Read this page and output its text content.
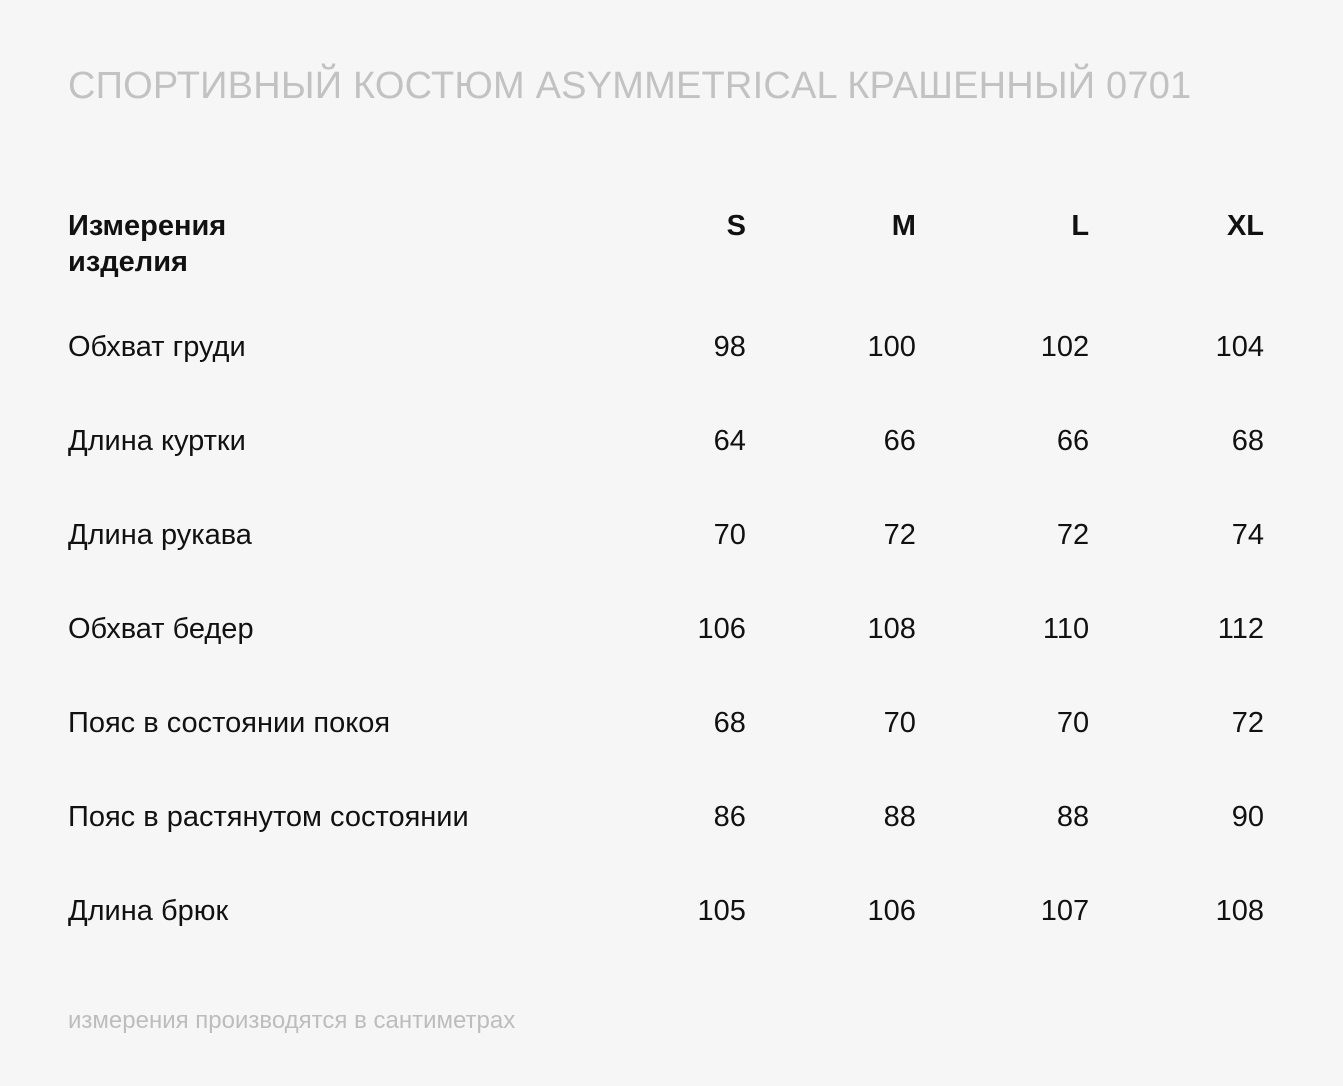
СПОРТИВНЫЙ КОСТЮМ ASYMMETRICAL КРАШЕННЫЙ 0701
Измерения
изделия	S	M	L	XL
Обхват груди	98	100	102	104
Длина куртки	64	66	66	68
Длина рукава	70	72	72	74
Обхват бедер	106	108	110	112
Пояс в состоянии покоя	68	70	70	72
Пояс в растянутом состоянии	86	88	88	90
Длина брюк	105	106	107	108
измерения производятся в сантиметрах
